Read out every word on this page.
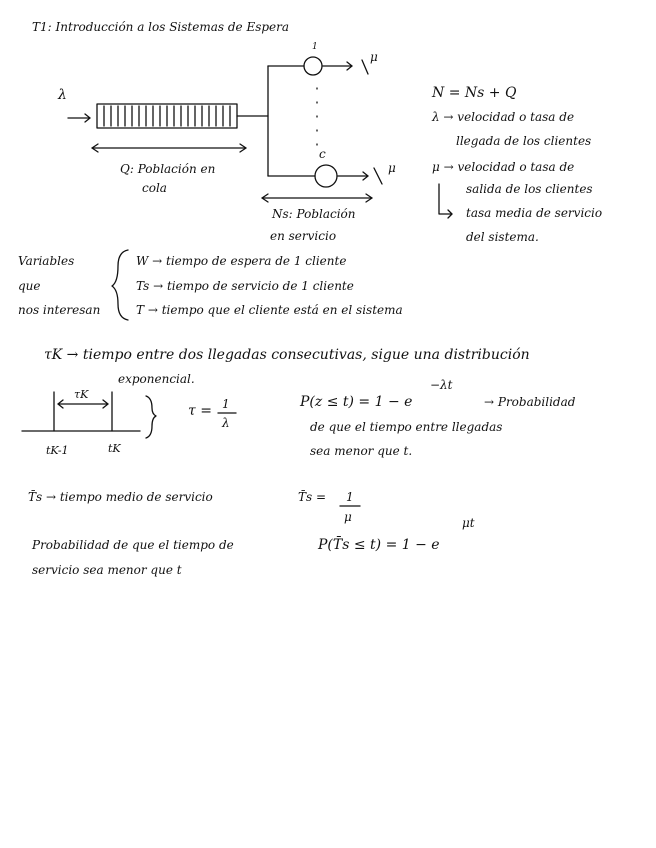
T1: Introducción a los Sistemas de Espera
λ
1
c
μ
μ
Q: Población en
cola
Ns: Población
en servicio
N = Ns + Q
λ → velocidad o tasa de
llegada de los clientes
μ → velocidad o tasa de
salida de los clientes
tasa media de servicio
del sistema.
Variables
que
nos interesan
W → tiempo de espera de 1 cliente
Ts → tiempo de servicio de 1 cliente
T → tiempo que el cliente está en el sistema
τK → tiempo entre dos llegadas consecutivas, sigue una distribución
exponencial.
τK
tK-1	tK
τ = 1
λ
P(z ≤ t) = 1 − e
−λt
→ Probabilidad
de que el tiempo entre llegadas
sea menor que t.
T̄s → tiempo medio de servicio	T̄s = 1
μ
Probabilidad de que el tiempo de
servicio sea menor que t
P(T̄s ≤ t) = 1 − e
μt
